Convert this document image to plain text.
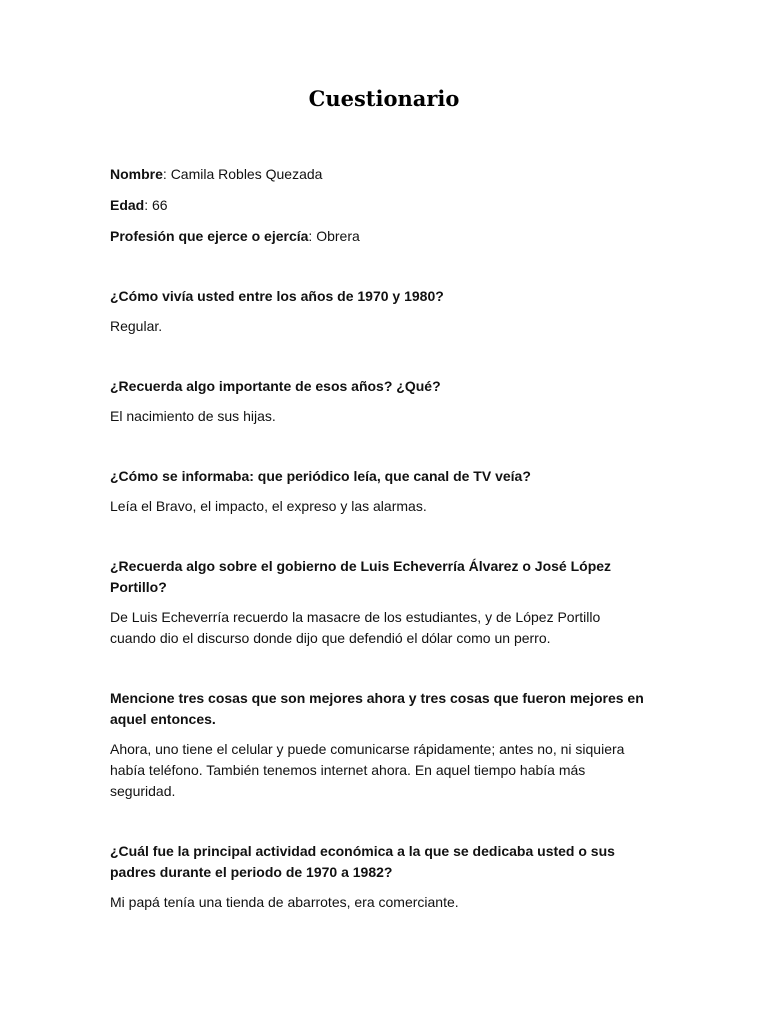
Cuestionario
Nombre: Camila Robles Quezada
Edad: 66
Profesión que ejerce o ejercía: Obrera

¿Cómo vivía usted entre los años de 1970 y 1980?

Regular.

¿Recuerda algo importante de esos años? ¿Qué?

El nacimiento de sus hijas.

¿Cómo se informaba: que periódico leía, que canal de TV veía?

Leía el Bravo, el impacto, el expreso y las alarmas.

¿Recuerda algo sobre el gobierno de Luis Echeverría Álvarez o José López Portillo?

De Luis Echeverría recuerdo la masacre de los estudiantes, y de López Portillo cuando dio el discurso donde dijo que defendió el dólar como un perro.

Mencione tres cosas que son mejores ahora y tres cosas que fueron mejores en aquel entonces.

Ahora, uno tiene el celular y puede comunicarse rápidamente; antes no, ni siquiera había teléfono. También tenemos internet ahora. En aquel tiempo había más seguridad.

¿Cuál fue la principal actividad económica a la que se dedicaba usted o sus padres durante el periodo de 1970 a 1982?

Mi papá tenía una tienda de abarrotes, era comerciante.
